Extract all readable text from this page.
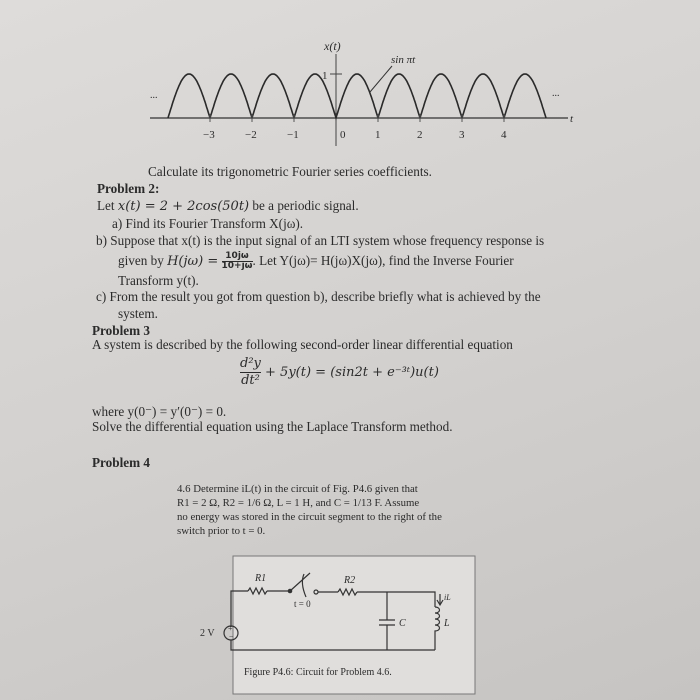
x(t)
sin πt
1
t
...	...
−3	−2	−1	0	1	2	3	4
Calculate its trigonometric Fourier series coefficients.
Problem 2:
Let x(t) = 2 + 2cos(50t) be a periodic signal.
a) Find its Fourier Transform X(jω).
b) Suppose that x(t) is the input signal of an LTI system whose frequency response is
given by $H(j\omega) = \frac{10j\omega}{10+j\omega}$ . Let Y(jω)= H(jω)X(jω), find the Inverse Fourier
Transform y(t).
c) From the result you got from question b), describe briefly what is achieved by the
system.
Problem 3
A system is described by the following second-order linear differential equation
$\frac{\text{d²y}}{\text{dt²}} + 5y(t) = (\sin 2t$ + e⁻³ᵗ)u(t)
where y(0⁻) = y′(0⁻) = 0.
Solve the differential equation using the Laplace Transform method.
Problem 4
4.6 Determine iL(t) in the circuit of Fig. P4.6 given that
R1 = 2 Ω, R2 = 1/6 Ω, L = 1 H, and C = 1/13 F. Assume
no energy was stored in the circuit segment to the right of the
switch prior to t = 0.
+
−
R1	R2
t = 0
2 V
C	L
iL
Figure P4.6: Circuit for Problem 4.6.
